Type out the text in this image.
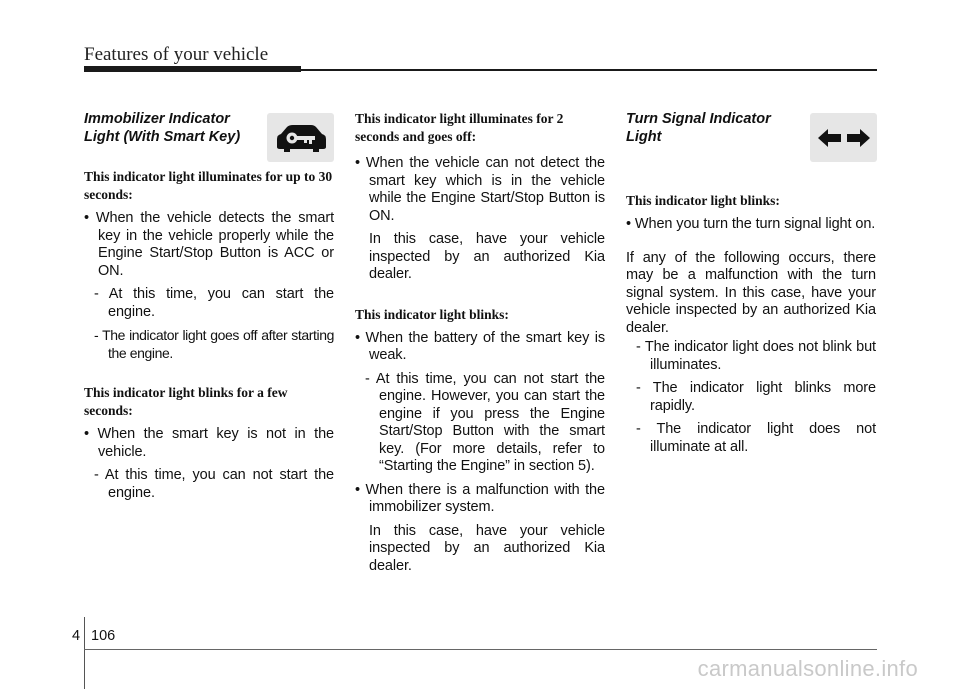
Features of your vehicle

Immobilizer Indicator
Light (With Smart Key)

This indicator light illuminates for up to 30 seconds:

• When the vehicle detects the smart key in the vehicle properly while the Engine Start/Stop Button is ACC or ON.

- At this time, you can start the engine.

- The indicator light goes off after starting the engine.

This indicator light blinks for a few seconds:

• When the smart key is not in the vehicle.

- At this time, you can not start the engine.

This indicator light illuminates for 2 seconds and goes off:

• When the vehicle can not detect the smart key which is in the vehicle while the Engine Start/Stop Button is ON.

In this case, have your vehicle inspected by an authorized Kia dealer.

This indicator light blinks:

• When the battery of the smart key is weak.

- At this time, you can not start the engine. However, you can start the engine if you press the Engine Start/Stop Button with the smart key. (For more details, refer to “Starting the Engine” in section 5).

• When there is a malfunction with the immobilizer system.

In this case, have your vehicle inspected by an authorized Kia dealer.

Turn Signal Indicator
Light

This indicator light blinks:

• When you turn the turn signal light on.

If any of the following occurs, there may be a malfunction with the turn signal system. In this case, have your vehicle inspected by an authorized Kia dealer.

- The indicator light does not blink but illuminates.

- The indicator light blinks more rapidly.

- The indicator light does not illuminate at all.

4 106
carmanualsonline.info
